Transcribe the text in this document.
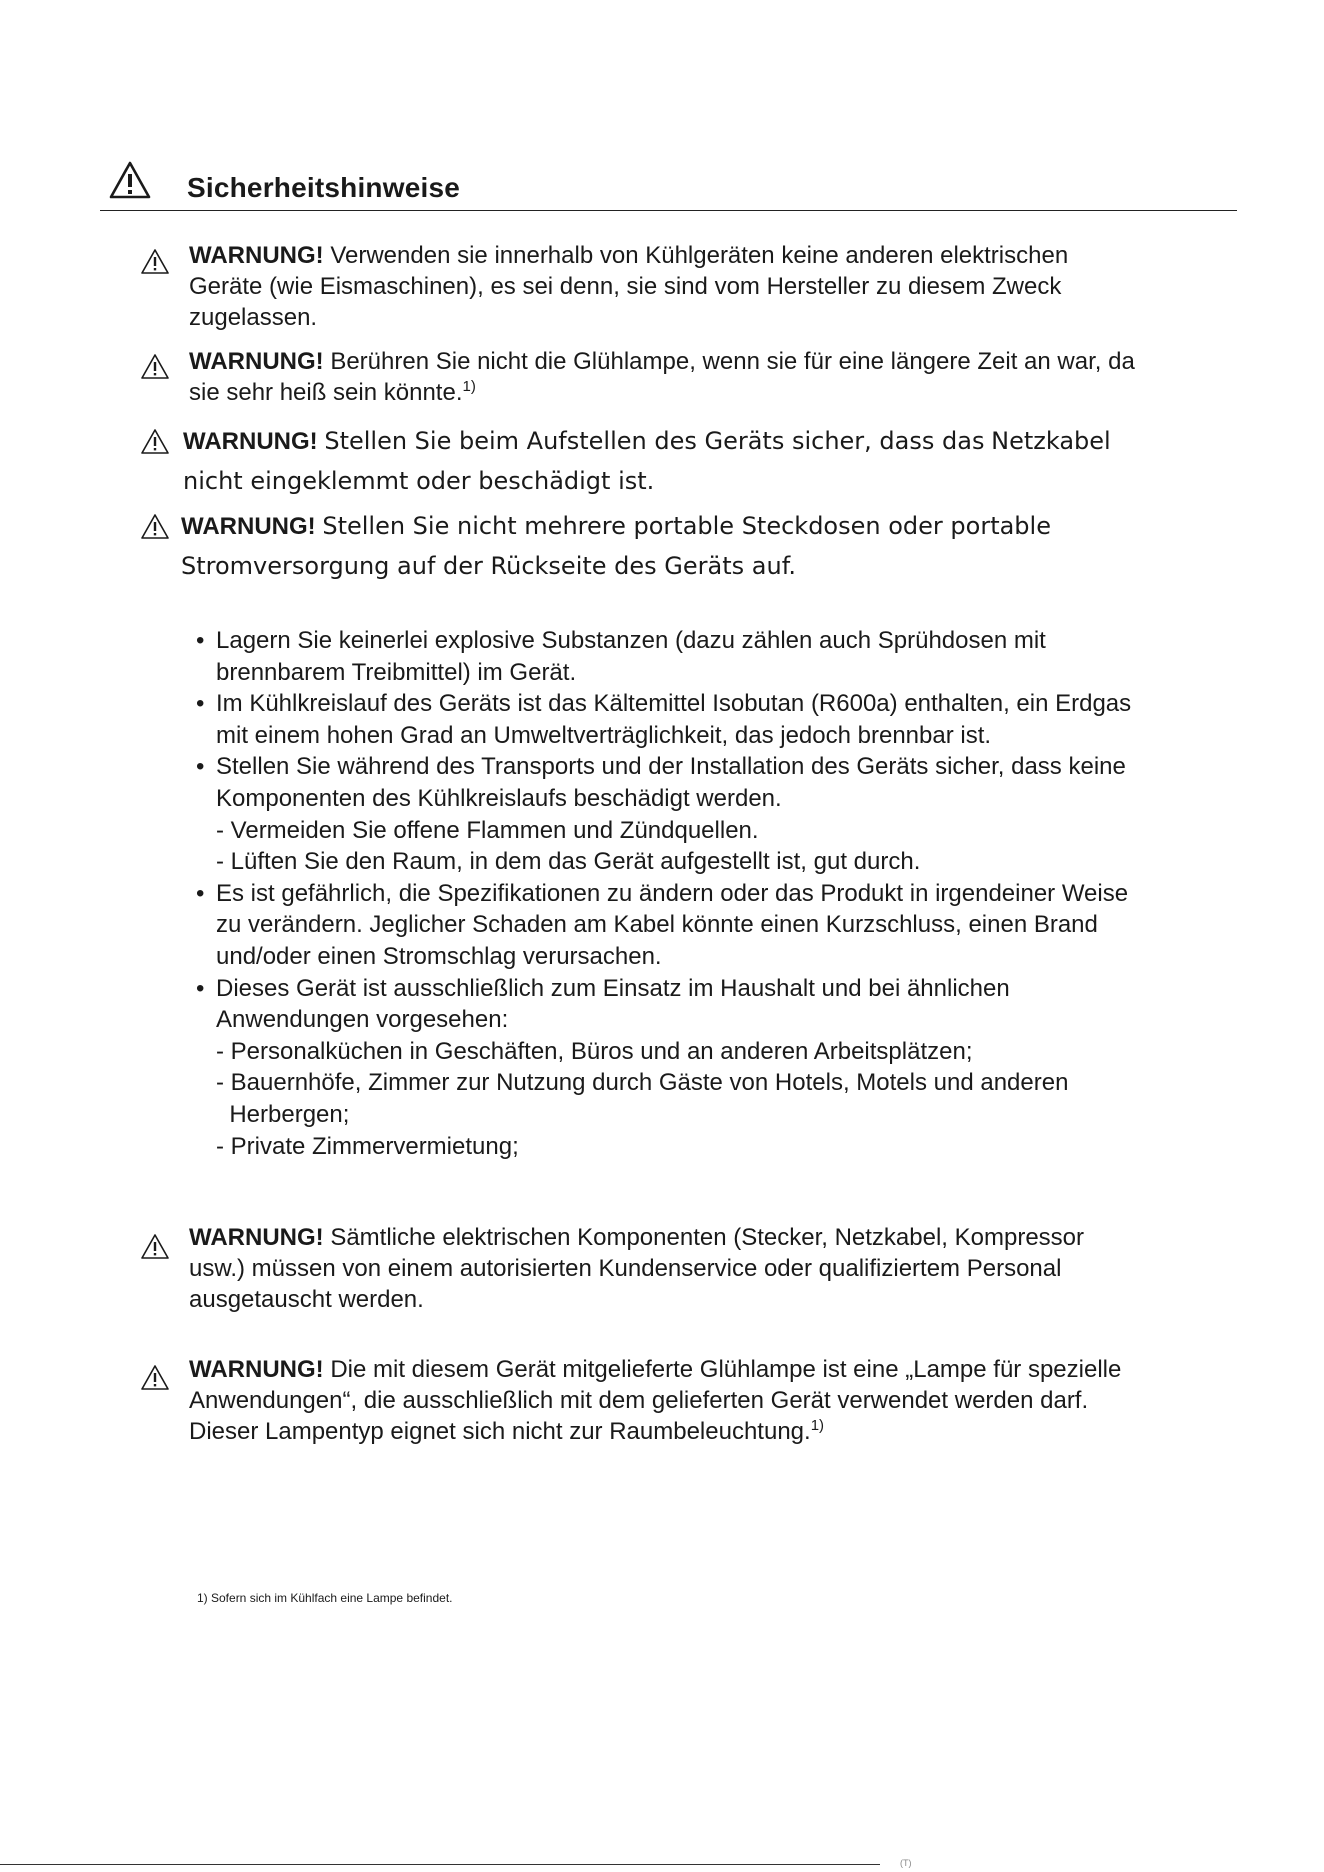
Sicherheitshinweise
WARNUNG! Verwenden sie innerhalb von Kühlgeräten keine anderen elektrischen
Geräte (wie Eismaschinen), es sei denn, sie sind vom Hersteller zu diesem Zweck
zugelassen.
WARNUNG! Berühren Sie nicht die Glühlampe, wenn sie für eine längere Zeit an war, da
sie sehr heiß sein könnte.$^{1)}$
WARNUNG! Stellen Sie beim Aufstellen des Geräts sicher, dass das Netzkabel
nicht eingeklemmt oder beschädigt ist.
WARNUNG! Stellen Sie nicht mehrere portable Steckdosen oder portable
Stromversorgung auf der Rückseite des Geräts auf.
• Lagern Sie keinerlei explosive Substanzen (dazu zählen auch Sprühdosen mit
brennbarem Treibmittel) im Gerät.
• Im Kühlkreislauf des Geräts ist das Kältemittel Isobutan (R600a) enthalten, ein Erdgas
mit einem hohen Grad an Umweltverträglichkeit, das jedoch brennbar ist.
• Stellen Sie während des Transports und der Installation des Geräts sicher, dass keine
Komponenten des Kühlkreislaufs beschädigt werden.
- Vermeiden Sie offene Flammen und Zündquellen.
- Lüften Sie den Raum, in dem das Gerät aufgestellt ist, gut durch.
• Es ist gefährlich, die Spezifikationen zu ändern oder das Produkt in irgendeiner Weise
zu verändern. Jeglicher Schaden am Kabel könnte einen Kurzschluss, einen Brand
und/oder einen Stromschlag verursachen.
• Dieses Gerät ist ausschließlich zum Einsatz im Haushalt und bei ähnlichen
Anwendungen vorgesehen:
- Personalküchen in Geschäften, Büros und an anderen Arbeitsplätzen;
- Bauernhöfe, Zimmer zur Nutzung durch Gäste von Hotels, Motels und anderen
Herbergen;
- Private Zimmervermietung;
WARNUNG! Sämtliche elektrischen Komponenten (Stecker, Netzkabel, Kompressor
usw.) müssen von einem autorisierten Kundenservice oder qualifiziertem Personal
ausgetauscht werden.
WARNUNG! Die mit diesem Gerät mitgelieferte Glühlampe ist eine „Lampe für spezielle
Anwendungen“, die ausschließlich mit dem gelieferten Gerät verwendet werden darf.
Dieser Lampentyp eignet sich nicht zur Raumbeleuchtung.$^{1)}$
1) Sofern sich im Kühlfach eine Lampe befindet.
(T)
